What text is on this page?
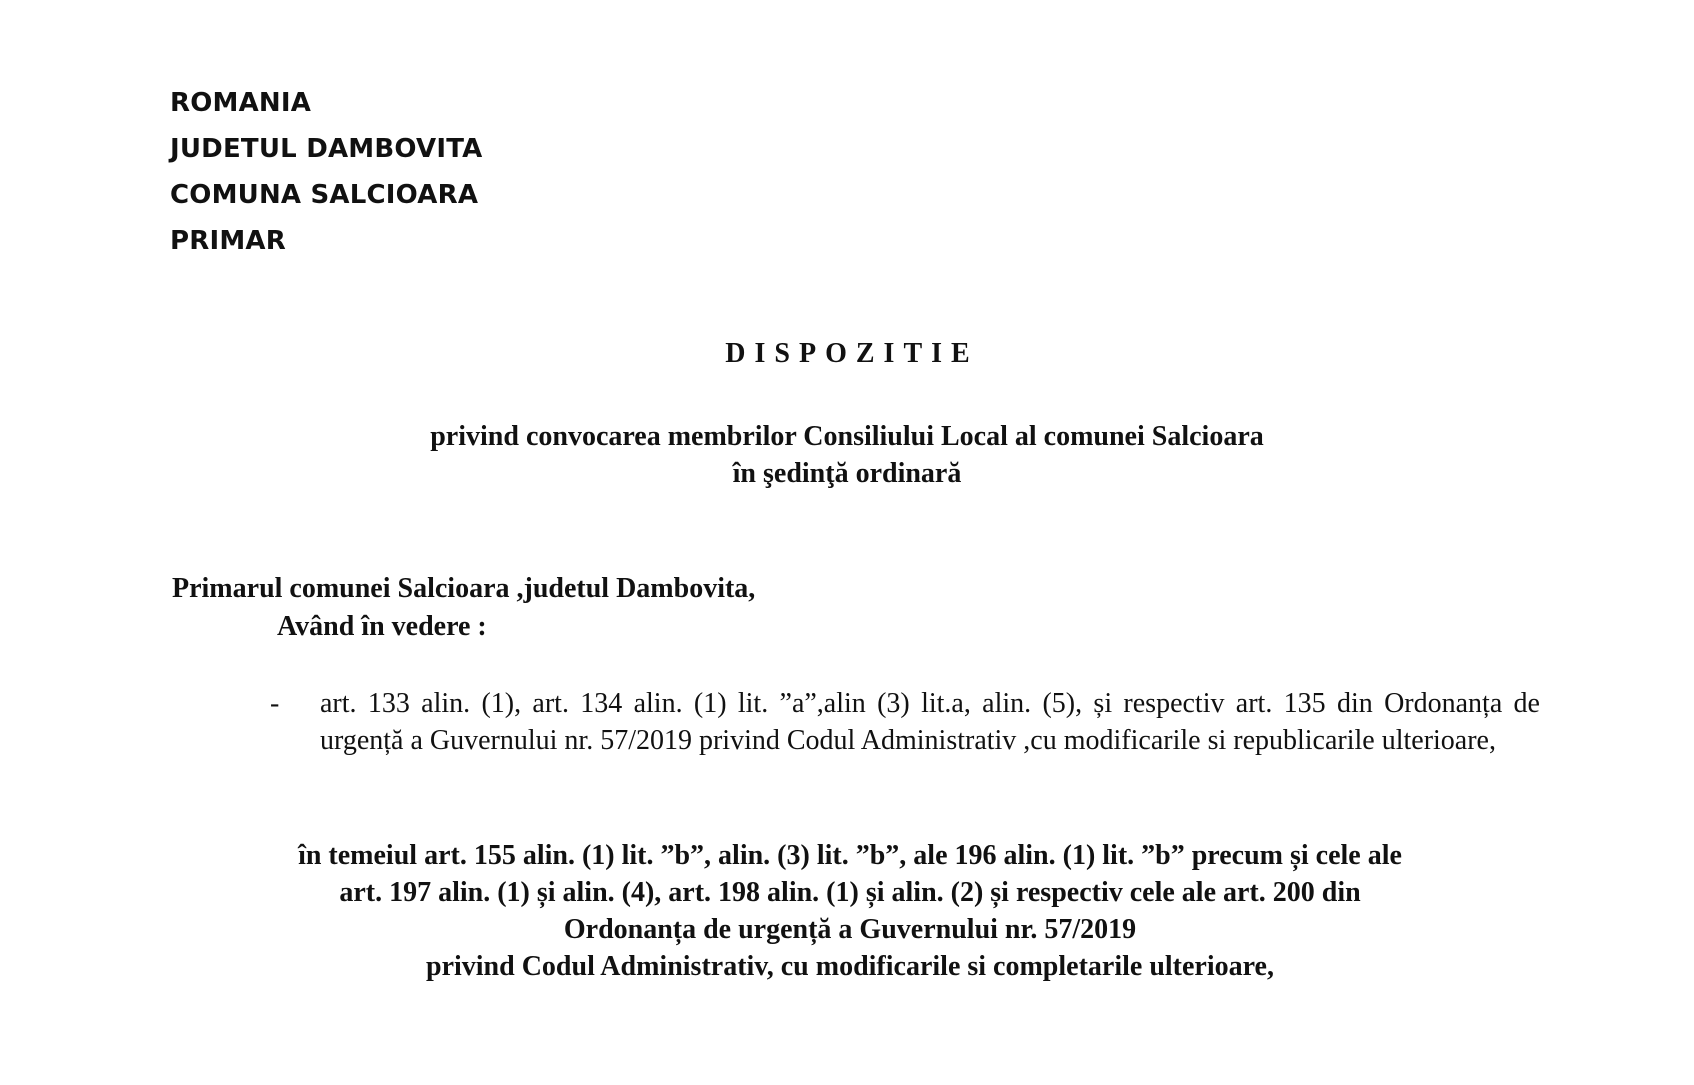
ROMANIA
JUDETUL DAMBOVITA
COMUNA SALCIOARA
PRIMAR
DISPOZITIE
privind convocarea membrilor Consiliului Local al comunei Salcioara
în şedinţă ordinară
Primarul comunei Salcioara ,judetul Dambovita,
Având în vedere :
-	art. 133 alin. (1), art. 134 alin. (1) lit. ”a”,alin (3) lit.a, alin. (5), și respectiv art. 135 din Ordonanța de urgență a Guvernului nr. 57/2019 privind Codul Administrativ ,cu modificarile si republicarile ulterioare,
în temeiul art. 155 alin. (1) lit. ”b”, alin. (3) lit. ”b”, ale 196 alin. (1) lit. ”b” precum și cele ale
art. 197 alin. (1) și alin. (4), art. 198 alin. (1) și alin. (2) și respectiv cele ale art. 200 din
Ordonanța de urgență a Guvernului nr. 57/2019
privind Codul Administrativ, cu modificarile si completarile ulterioare,
